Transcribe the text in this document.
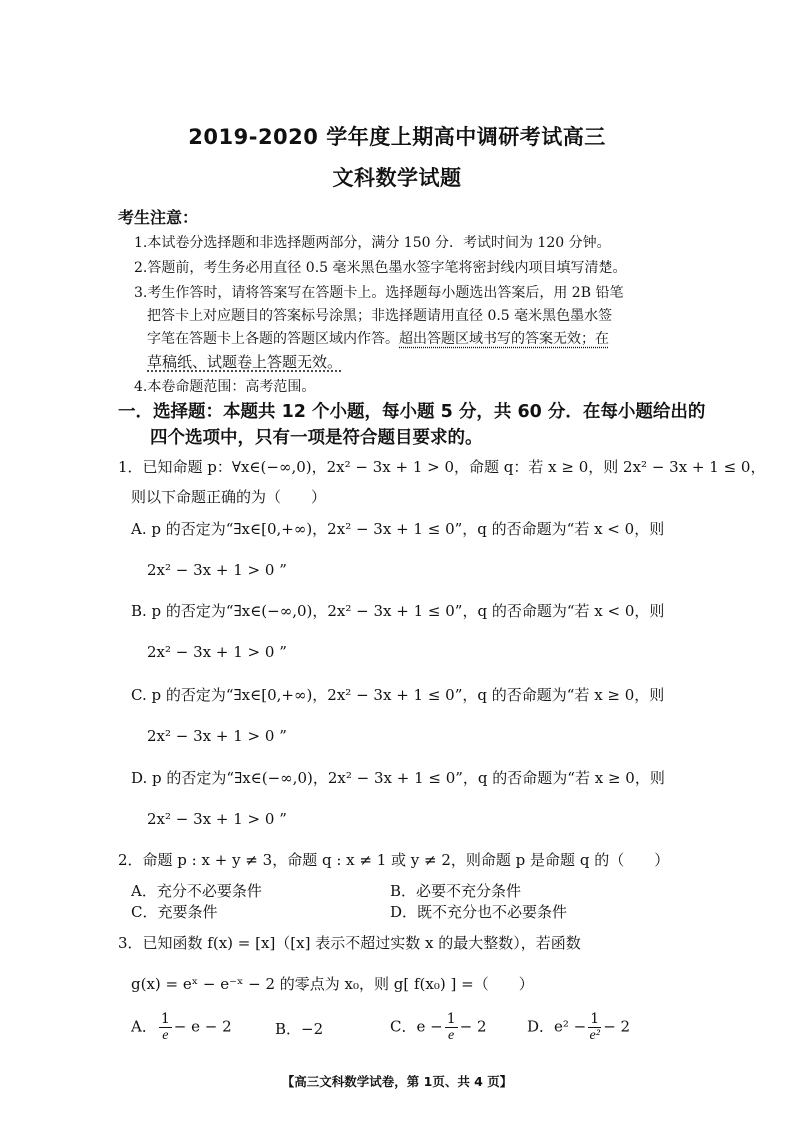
2019-2020 学年度上期高中调研考试高三
文科数学试题
考生注意：
1.本试卷分选择题和非选择题两部分，满分 150 分．考试时间为 120 分钟。
2.答题前，考生务必用直径 0.5 毫米黑色墨水签字笔将密封线内项目填写清楚。
3.考生作答时，请将答案写在答题卡上。选择题每小题选出答案后，用 2B 铅笔
把答卡上对应题目的答案标号涂黑；非选择题请用直径 0.5 毫米黑色墨水签
字笔在答题卡上各题的答题区域内作答。超出答题区域书写的答案无效；在
草稿纸、试题卷上答题无效。
4.本卷命题范围：高考范围。
一．选择题：本题共 12 个小题，每小题 5 分，共 60 分．在每小题给出的
四个选项中，只有一项是符合题目要求的。
1．已知命题 p：∀x∈(−∞,0)，2x² − 3x + 1 > 0，命题 q：若 x ≥ 0，则 2x² − 3x + 1 ≤ 0，
则以下命题正确的为（　　）
A. p 的否定为“∃x∈[0,+∞)，2x² − 3x + 1 ≤ 0”，q 的否命题为“若 x < 0，则
2x² − 3x + 1 > 0 ”
B. p 的否定为“∃x∈(−∞,0)，2x² − 3x + 1 ≤ 0”，q 的否命题为“若 x < 0，则
2x² − 3x + 1 > 0 ”
C. p 的否定为“∃x∈[0,+∞)，2x² − 3x + 1 ≤ 0”，q 的否命题为“若 x ≥ 0，则
2x² − 3x + 1 > 0 ”
D. p 的否定为“∃x∈(−∞,0)，2x² − 3x + 1 ≤ 0”，q 的否命题为“若 x ≥ 0，则
2x² − 3x + 1 > 0 ”
2．命题 p : x + y ≠ 3，命题 q : x ≠ 1 或 y ≠ 2，则命题 p 是命题 q 的（　　）
A．充分不必要条件	B．必要不充分条件
C．充要条件	D．既不充分也不必要条件
3．已知函数 f(x) = [x]（[x] 表示不超过实数 x 的最大整数），若函数
g(x) = eˣ − e⁻ˣ − 2 的零点为 x₀，则 g[ f(x₀) ] =（　　）
A． $\frac{1}{e} - e - 2$	B．−2	C．$e - \frac{1}{e} - 2$	D．$e^2 - \frac{1}{\text{e²}} - 2$
【高三文科数学试卷，第 1页、共 4 页】
